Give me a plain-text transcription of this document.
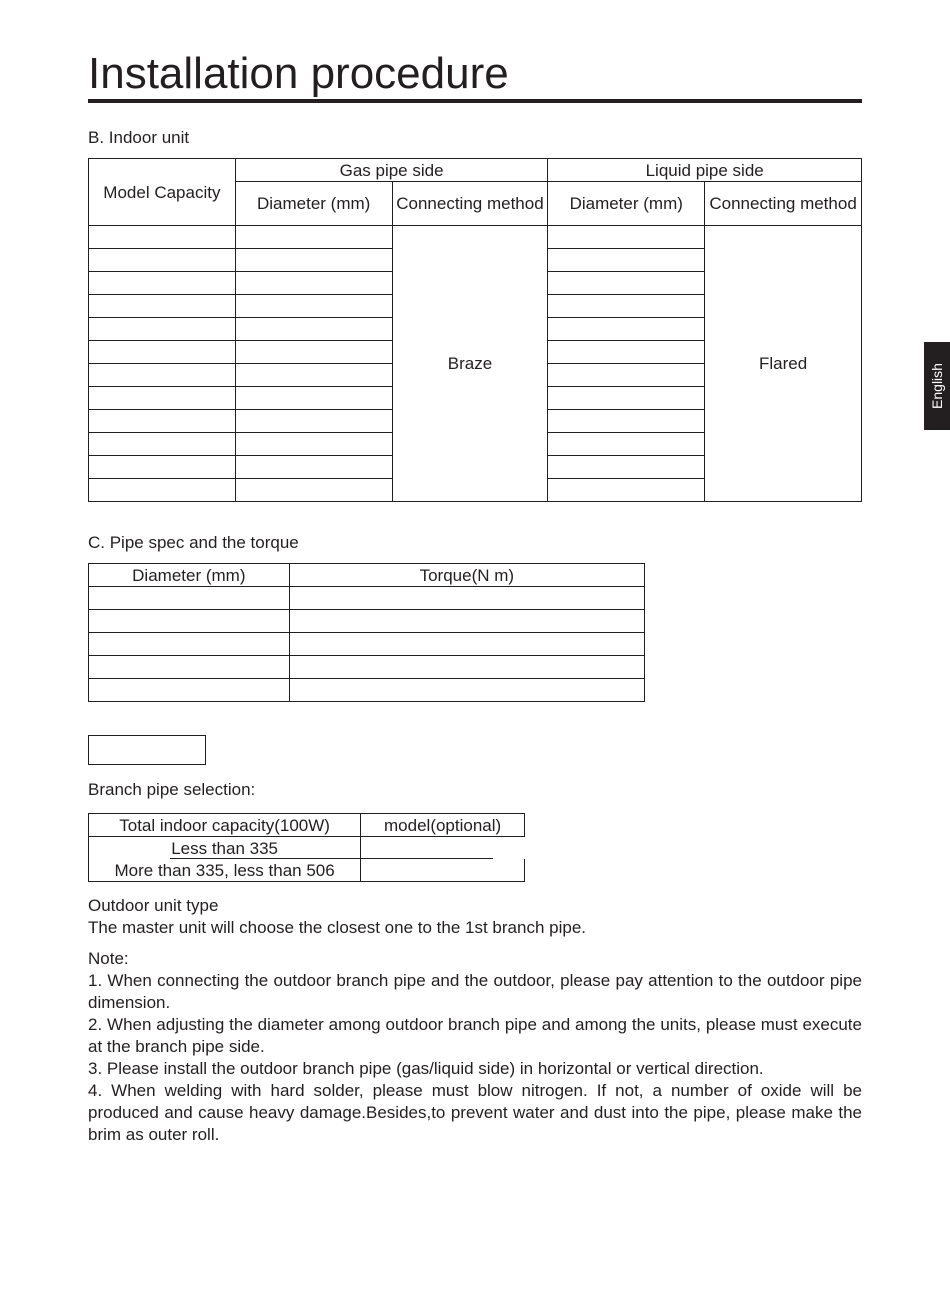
Installation procedure
B. Indoor unit
Model Capacity	Gas pipe side		Liquid pipe side	
	Diameter (mm)	Connecting method	Diameter (mm)	Connecting method
		Braze		Flared

C. Pipe spec and the torque
Diameter (mm)	Torque(N m)

Branch pipe selection:
Total indoor capacity(100W)	model(optional)
Less than 335	
More than 335, less than 506	
Outdoor unit type
The master unit will choose the closest one to the 1st branch pipe.
Note:
1. When connecting the outdoor branch pipe and the outdoor, please pay attention to the outdoor pipe dimension.
2. When adjusting the diameter among outdoor branch pipe and among the units, please must execute at the branch pipe side.
3. Please install the outdoor branch pipe (gas/liquid side) in horizontal or vertical direction.
4. When welding with hard solder, please must blow nitrogen. If not, a number of oxide will be produced and cause heavy damage.Besides,to prevent water and dust into the pipe, please make the brim as outer roll.
English
